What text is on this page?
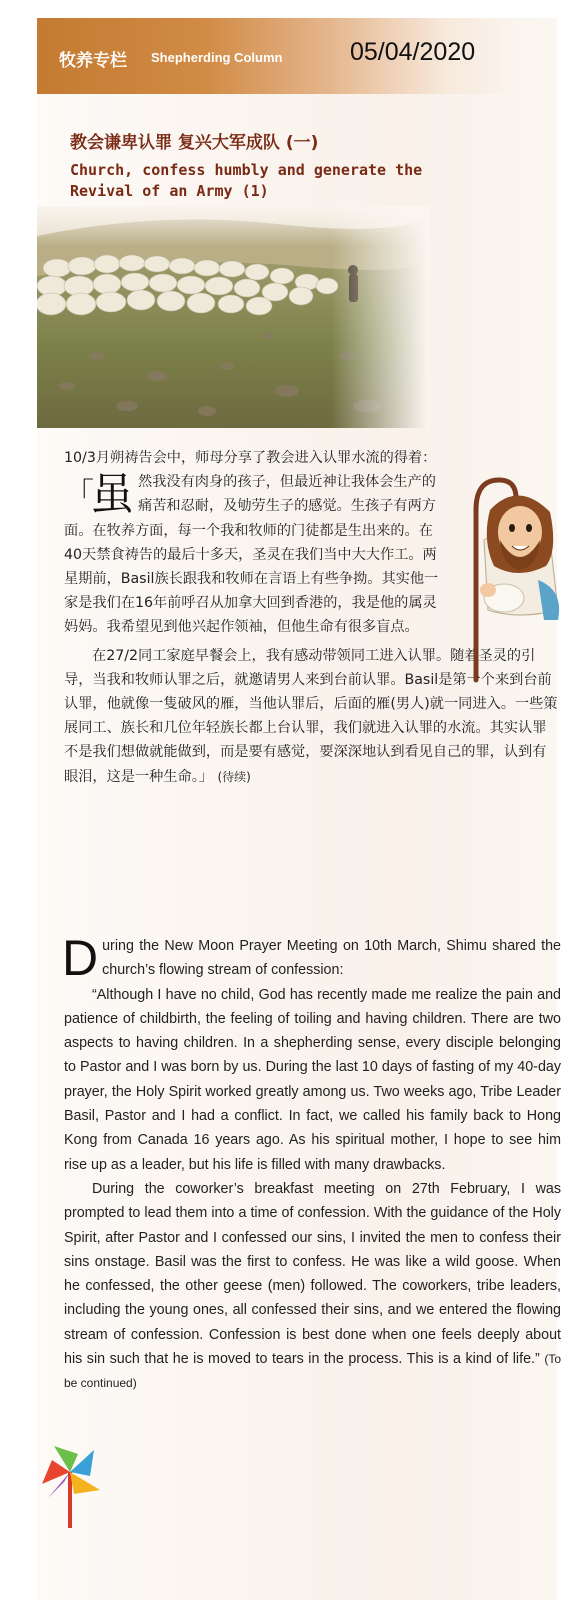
牧养专栏 Shepherding Column	05/04/2020
教会谦卑认罪 复兴大军成队 (一)
Church, confess humbly and generate the Revival of an Army (1)

10/3月朔祷告会中，师母分享了教会进入认罪水流的得着：

「虽 然我没有肉身的孩子，但最近神让我体会生产的痛苦和忍耐，及劬劳生子的感觉。生孩子有两方面。在牧养方面，每一个我和牧师的门徒都是生出来的。在40天禁食祷告的最后十多天，圣灵在我们当中大大作工。两星期前，Basil族长跟我和牧师在言语上有些争拗。其实他一家是我们在16年前呼召从加拿大回到香港的，我是他的属灵妈妈。我希望见到他兴起作领袖，但他生命有很多盲点。

在27/2同工家庭早餐会上，我有感动带领同工进入认罪。随着圣灵的引导，当我和牧师认罪之后，就邀请男人来到台前认罪。Basil是第一个来到台前认罪，他就像一隻破风的雁，当他认罪后，后面的雁(男人)就一同进入。一些策展同工、族长和几位年轻族长都上台认罪，我们就进入认罪的水流。其实认罪不是我们想做就能做到，而是要有感觉，要深深地认到看见自己的罪，认到有眼泪，这是一种生命。」 (待续)

During the New Moon Prayer Meeting on 10th March, Shimu shared the church’s flowing stream of confession:

“Although I have no child, God has recently made me realize the pain and patience of childbirth, the feeling of toiling and having children. There are two aspects to having children. In a shepherding sense, every disciple belonging to Pastor and I was born by us. During the last 10 days of fasting of my 40-day prayer, the Holy Spirit worked greatly among us. Two weeks ago, Tribe Leader Basil, Pastor and I had a conflict. In fact, we called his family back to Hong Kong from Canada 16 years ago. As his spiritual mother, I hope to see him rise up as a leader, but his life is filled with many drawbacks.

During the coworker’s breakfast meeting on 27th February, I was prompted to lead them into a time of confession. With the guidance of the Holy Spirit, after Pastor and I confessed our sins, I invited the men to confess their sins onstage. Basil was the first to confess. He was like a wild goose. When he confessed, the other geese (men) followed. The coworkers, tribe leaders, including the young ones, all confessed their sins, and we entered the flowing stream of confession. Confession is best done when one feels deeply about his sin such that he is moved to tears in the process. This is a kind of life.” (To be continued)
